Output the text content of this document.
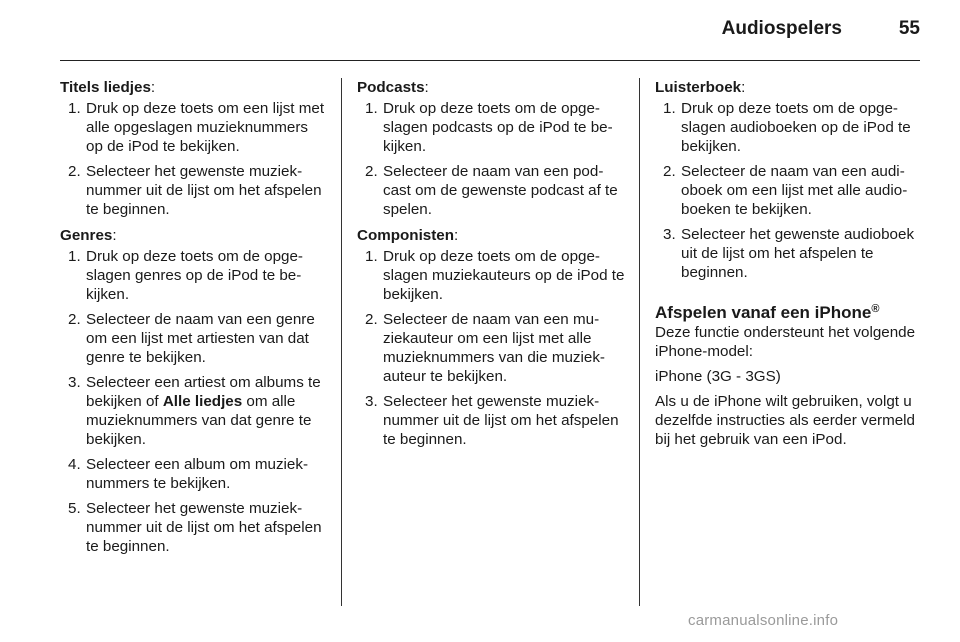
Audiospelers	55
Titels liedjes:
1. Druk op deze toets om een lijst met alle opgeslagen muzieknummers op de iPod te bekijken.
2. Selecteer het gewenste muzieknummer uit de lijst om het afspelen te beginnen.
Genres:
1. Druk op deze toets om de opgeslagen genres op de iPod te bekijken.
2. Selecteer de naam van een genre om een lijst met artiesten van dat genre te bekijken.
3. Selecteer een artiest om albums te bekijken of Alle liedjes om alle muzieknummers van dat genre te bekijken.
4. Selecteer een album om muzieknummers te bekijken.
5. Selecteer het gewenste muzieknummer uit de lijst om het afspelen te beginnen.
Podcasts:
1. Druk op deze toets om de opgeslagen podcasts op de iPod te bekijken.
2. Selecteer de naam van een podcast om de gewenste podcast af te spelen.
Componisten:
1. Druk op deze toets om de opgeslagen muziekauteurs op de iPod te bekijken.
2. Selecteer de naam van een muziekauteur om een lijst met alle muzieknummers van die muziekauteur te bekijken.
3. Selecteer het gewenste muzieknummer uit de lijst om het afspelen te beginnen.
Luisterboek:
1. Druk op deze toets om de opgeslagen audioboeken op de iPod te bekijken.
2. Selecteer de naam van een audioboek om een lijst met alle audioboeken te bekijken.
3. Selecteer het gewenste audioboek uit de lijst om het afspelen te beginnen.
Afspelen vanaf een iPhone®
Deze functie ondersteunt het volgende iPhone-model:
iPhone (3G - 3GS)
Als u de iPhone wilt gebruiken, volgt u dezelfde instructies als eerder vermeld bij het gebruik van een iPod.
carmanualsonline.info
